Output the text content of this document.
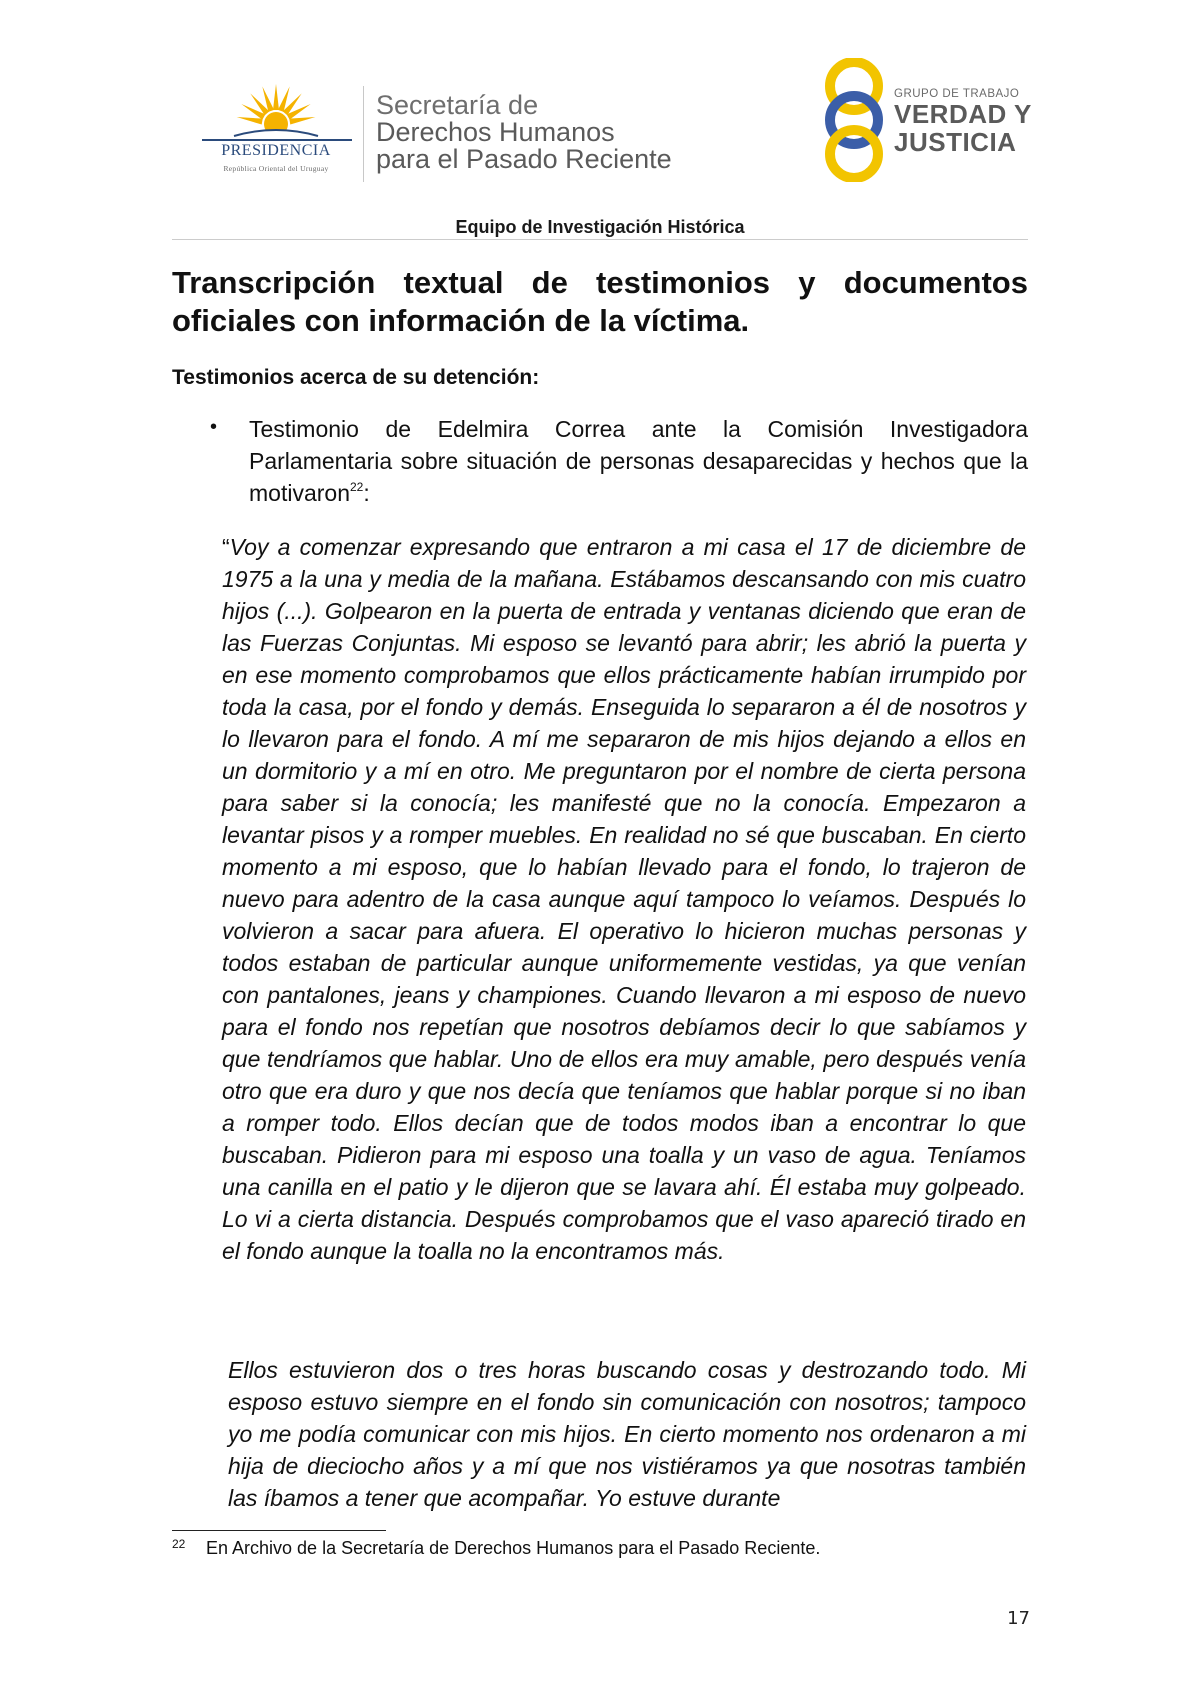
PRESIDENCIA
República Oriental del Uruguay
Secretaría de
Derechos Humanos
para el Pasado Reciente
GRUPO DE TRABAJO
VERDAD Y
JUSTICIA
Equipo de Investigación Histórica
Transcripción textual de testimonios y documentos oficiales con información de la víctima.
Testimonios acerca de su detención:
• Testimonio de Edelmira Correa ante la Comisión Investigadora Parlamentaria sobre situación de personas desaparecidas y hechos que la motivaron$^{22}$:
“Voy a comenzar expresando que entraron a mi casa el 17 de diciembre de 1975 a la una y media de la mañana. Estábamos descansando con mis cuatro hijos (...). Golpearon en la puerta de entrada y ventanas diciendo que eran de las Fuerzas Conjuntas. Mi esposo se levantó para abrir; les abrió la puerta y en ese momento comprobamos que ellos prácticamente habían irrumpido por toda la casa, por el fondo y demás. Enseguida lo separaron a él de nosotros y lo llevaron para el fondo. A mí me separaron de mis hijos dejando a ellos en un dormitorio y a mí en otro. Me preguntaron por el nombre de cierta persona para saber si la conocía; les manifesté que no la conocía. Empezaron a levantar pisos y a romper muebles. En realidad no sé que buscaban. En cierto momento a mi esposo, que lo habían llevado para el fondo, lo trajeron de nuevo para adentro de la casa aunque aquí tampoco lo veíamos. Después lo volvieron a sacar para afuera. El operativo lo hicieron muchas personas y todos estaban de particular aunque uniformemente vestidas, ya que venían con pantalones, jeans y championes. Cuando llevaron a mi esposo de nuevo para el fondo nos repetían que nosotros debíamos decir lo que sabíamos y que tendríamos que hablar. Uno de ellos era muy amable, pero después venía otro que era duro y que nos decía que teníamos que hablar porque si no iban a romper todo. Ellos decían que de todos modos iban a encontrar lo que buscaban. Pidieron para mi esposo una toalla y un vaso de agua. Teníamos una canilla en el patio y le dijeron que se lavara ahí. Él estaba muy golpeado. Lo vi a cierta distancia. Después comprobamos que el vaso apareció tirado en el fondo aunque la toalla no la encontramos más.
Ellos estuvieron dos o tres horas buscando cosas y destrozando todo. Mi esposo estuvo siempre en el fondo sin comunicación con nosotros; tampoco yo me podía comunicar con mis hijos. En cierto momento nos ordenaron a mi hija de dieciocho años y a mí que nos vistiéramos ya que nosotras también las íbamos a tener que acompañar. Yo estuve durante
22 En Archivo de la Secretaría de Derechos Humanos para el Pasado Reciente.
17
